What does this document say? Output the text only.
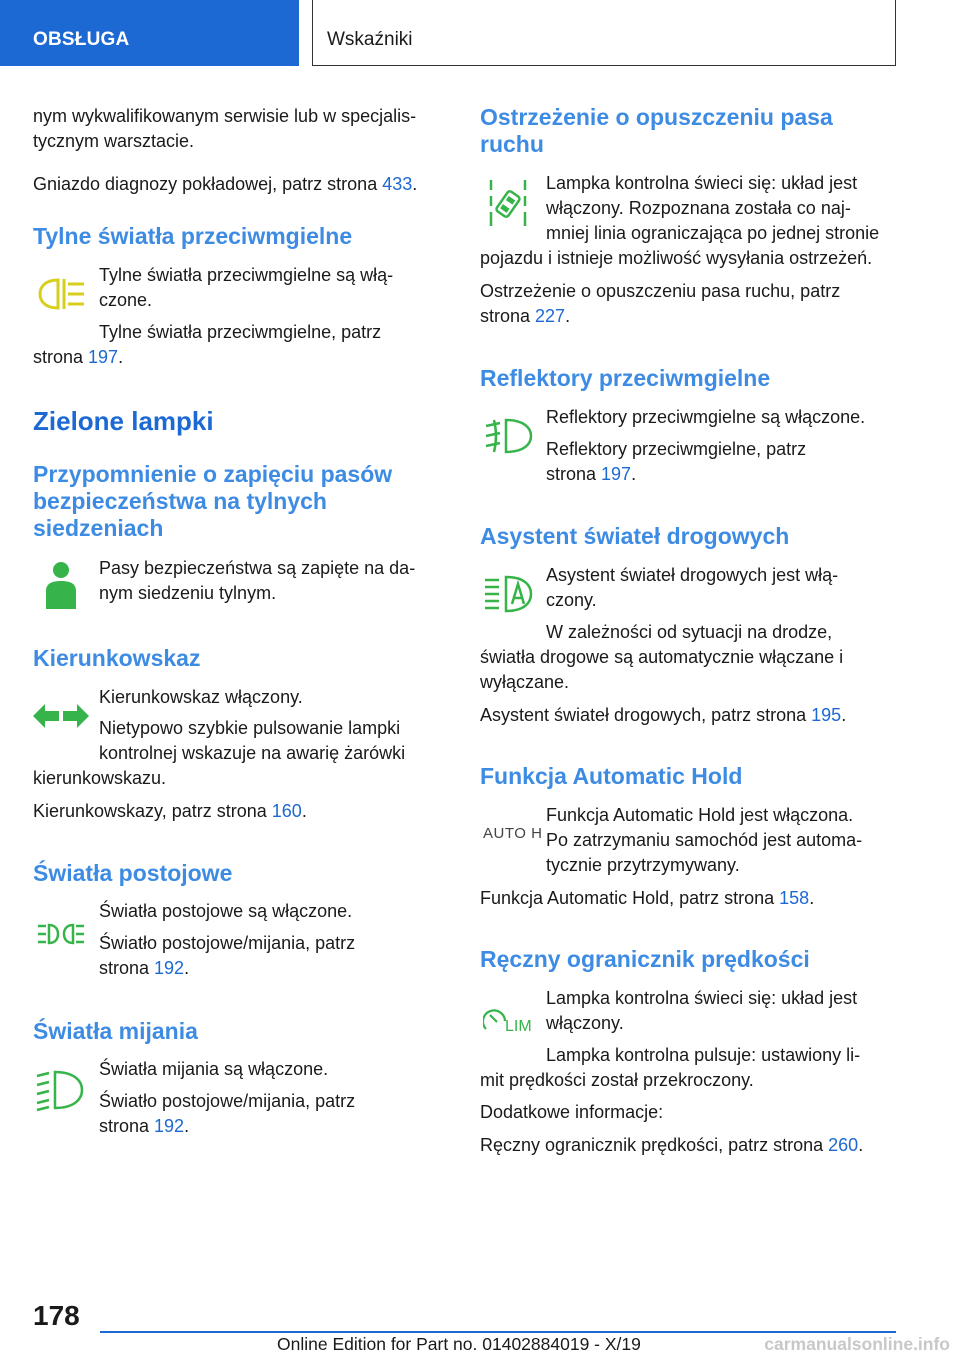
OBSŁUGA	Wskaźniki
nym wykwalifikowanym serwisie lub w specjalis‐
tycznym warsztacie.
Gniazdo diagnozy pokładowej, patrz strona 433.
Tylne światła przeciwmgielne
Tylne światła przeciwmgielne są włą‐
czone.
Tylne światła przeciwmgielne, patrz
strona 197.
Zielone lampki
Przypomnienie o zapięciu pasów
bezpieczeństwa na tylnych
siedzeniach
Pasy bezpieczeństwa są zapięte na da‐
nym siedzeniu tylnym.
Kierunkowskaz
Kierunkowskaz włączony.
Nietypowo szybkie pulsowanie lampki
kontrolnej wskazuje na awarię żarówki
kierunkowskazu.
Kierunkowskazy, patrz strona 160.
Światła postojowe
Światła postojowe są włączone.
Światło postojowe/mijania, patrz
strona 192.
Światła mijania
Światła mijania są włączone.
Światło postojowe/mijania, patrz
strona 192.
Ostrzeżenie o opuszczeniu pasa
ruchu
Lampka kontrolna świeci się: układ jest
włączony. Rozpoznana została co naj‐
mniej linia ograniczająca po jednej stronie
pojazdu i istnieje możliwość wysyłania ostrzeżeń.
Ostrzeżenie o opuszczeniu pasa ruchu, patrz
strona 227.
Reflektory przeciwmgielne
Reflektory przeciwmgielne są włączone.
Reflektory przeciwmgielne, patrz
strona 197.
Asystent świateł drogowych
Asystent świateł drogowych jest włą‐
czony.
W zależności od sytuacji na drodze,
światła drogowe są automatycznie włączane i
wyłączane.
Asystent świateł drogowych, patrz strona 195.
Funkcja Automatic Hold
AUTO H
Funkcja Automatic Hold jest włączona.
Po zatrzymaniu samochód jest automa‐
tycznie przytrzymywany.
Funkcja Automatic Hold, patrz strona 158.
Ręczny ogranicznik prędkości
LIM
Lampka kontrolna świeci się: układ jest
włączony.
Lampka kontrolna pulsuje: ustawiony li‐
mit prędkości został przekroczony.
Dodatkowe informacje:
Ręczny ogranicznik prędkości, patrz strona 260.
178
Online Edition for Part no. 01402884019 - X/19	carmanualsonline.info
